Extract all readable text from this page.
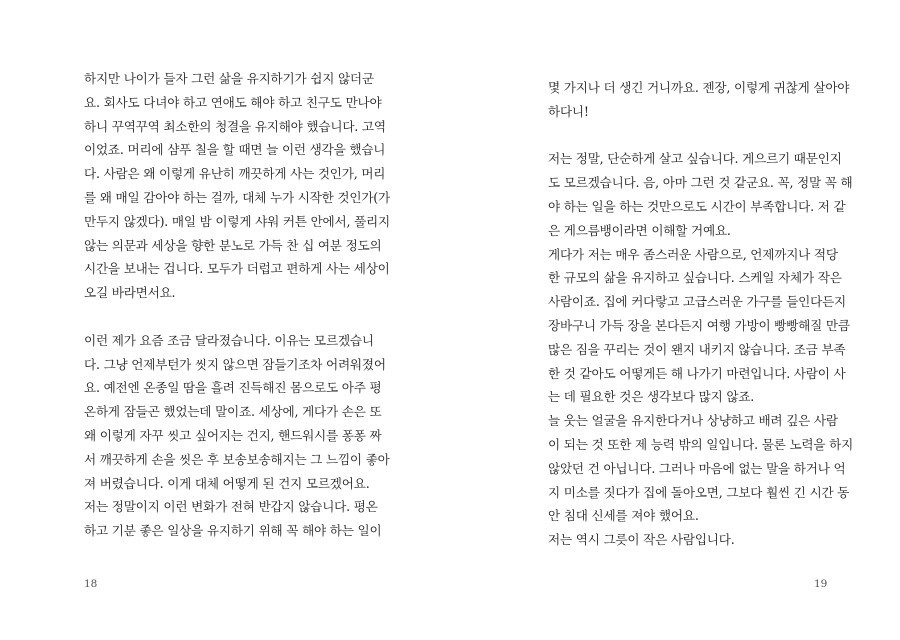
하지만 나이가 들자 그런 삶을 유지하기가 쉽지 않더군
요. 회사도 다녀야 하고 연애도 해야 하고 친구도 만나야
하니 꾸역꾸역 최소한의 청결을 유지해야 했습니다. 고역
이었죠. 머리에 샴푸 칠을 할 때면 늘 이런 생각을 했습니
다. 사람은 왜 이렇게 유난히 깨끗하게 사는 것인가, 머리
를 왜 매일 감아야 하는 걸까, 대체 누가 시작한 것인가(가
만두지 않겠다). 매일 밤 이렇게 샤워 커튼 안에서, 풀리지
않는 의문과 세상을 향한 분노로 가득 찬 십 여분 정도의
시간을 보내는 겁니다. 모두가 더럽고 편하게 사는 세상이
오길 바라면서요.
이런 제가 요즘 조금 달라졌습니다. 이유는 모르겠습니
다. 그냥 언제부턴가 씻지 않으면 잠들기조차 어려워졌어
요. 예전엔 온종일 땀을 흘려 진득해진 몸으로도 아주 평
온하게 잠들곤 했었는데 말이죠. 세상에, 게다가 손은 또
왜 이렇게 자꾸 씻고 싶어지는 건지, 핸드워시를 퐁퐁 짜
서 깨끗하게 손을 씻은 후 보송보송해지는 그 느낌이 좋아
져 버렸습니다. 이게 대체 어떻게 된 건지 모르겠어요.
저는 정말이지 이런 변화가 전혀 반갑지 않습니다. 평온
하고 기분 좋은 일상을 유지하기 위해 꼭 해야 하는 일이
18
몇 가지나 더 생긴 거니까요. 젠장, 이렇게 귀찮게 살아야
하다니!
저는 정말, 단순하게 살고 싶습니다. 게으르기 때문인지
도 모르겠습니다. 음, 아마 그런 것 같군요. 꼭, 정말 꼭 해
야 하는 일을 하는 것만으로도 시간이 부족합니다. 저 같
은 게으름뱅이라면 이해할 거예요.
게다가 저는 매우 좀스러운 사람으로, 언제까지나 적당
한 규모의 삶을 유지하고 싶습니다. 스케일 자체가 작은
사람이죠. 집에 커다랗고 고급스러운 가구를 들인다든지
장바구니 가득 장을 본다든지 여행 가방이 빵빵해질 만큼
많은 짐을 꾸리는 것이 왠지 내키지 않습니다. 조금 부족
한 것 같아도 어떻게든 해 나가기 마련입니다. 사람이 사
는 데 필요한 것은 생각보다 많지 않죠.
늘 웃는 얼굴을 유지한다거나 상냥하고 배려 깊은 사람
이 되는 것 또한 제 능력 밖의 일입니다. 물론 노력을 하지
않았던 건 아닙니다. 그러나 마음에 없는 말을 하거나 억
지 미소를 짓다가 집에 돌아오면, 그보다 훨씬 긴 시간 동
안 침대 신세를 져야 했어요.
저는 역시 그릇이 작은 사람입니다.
19
